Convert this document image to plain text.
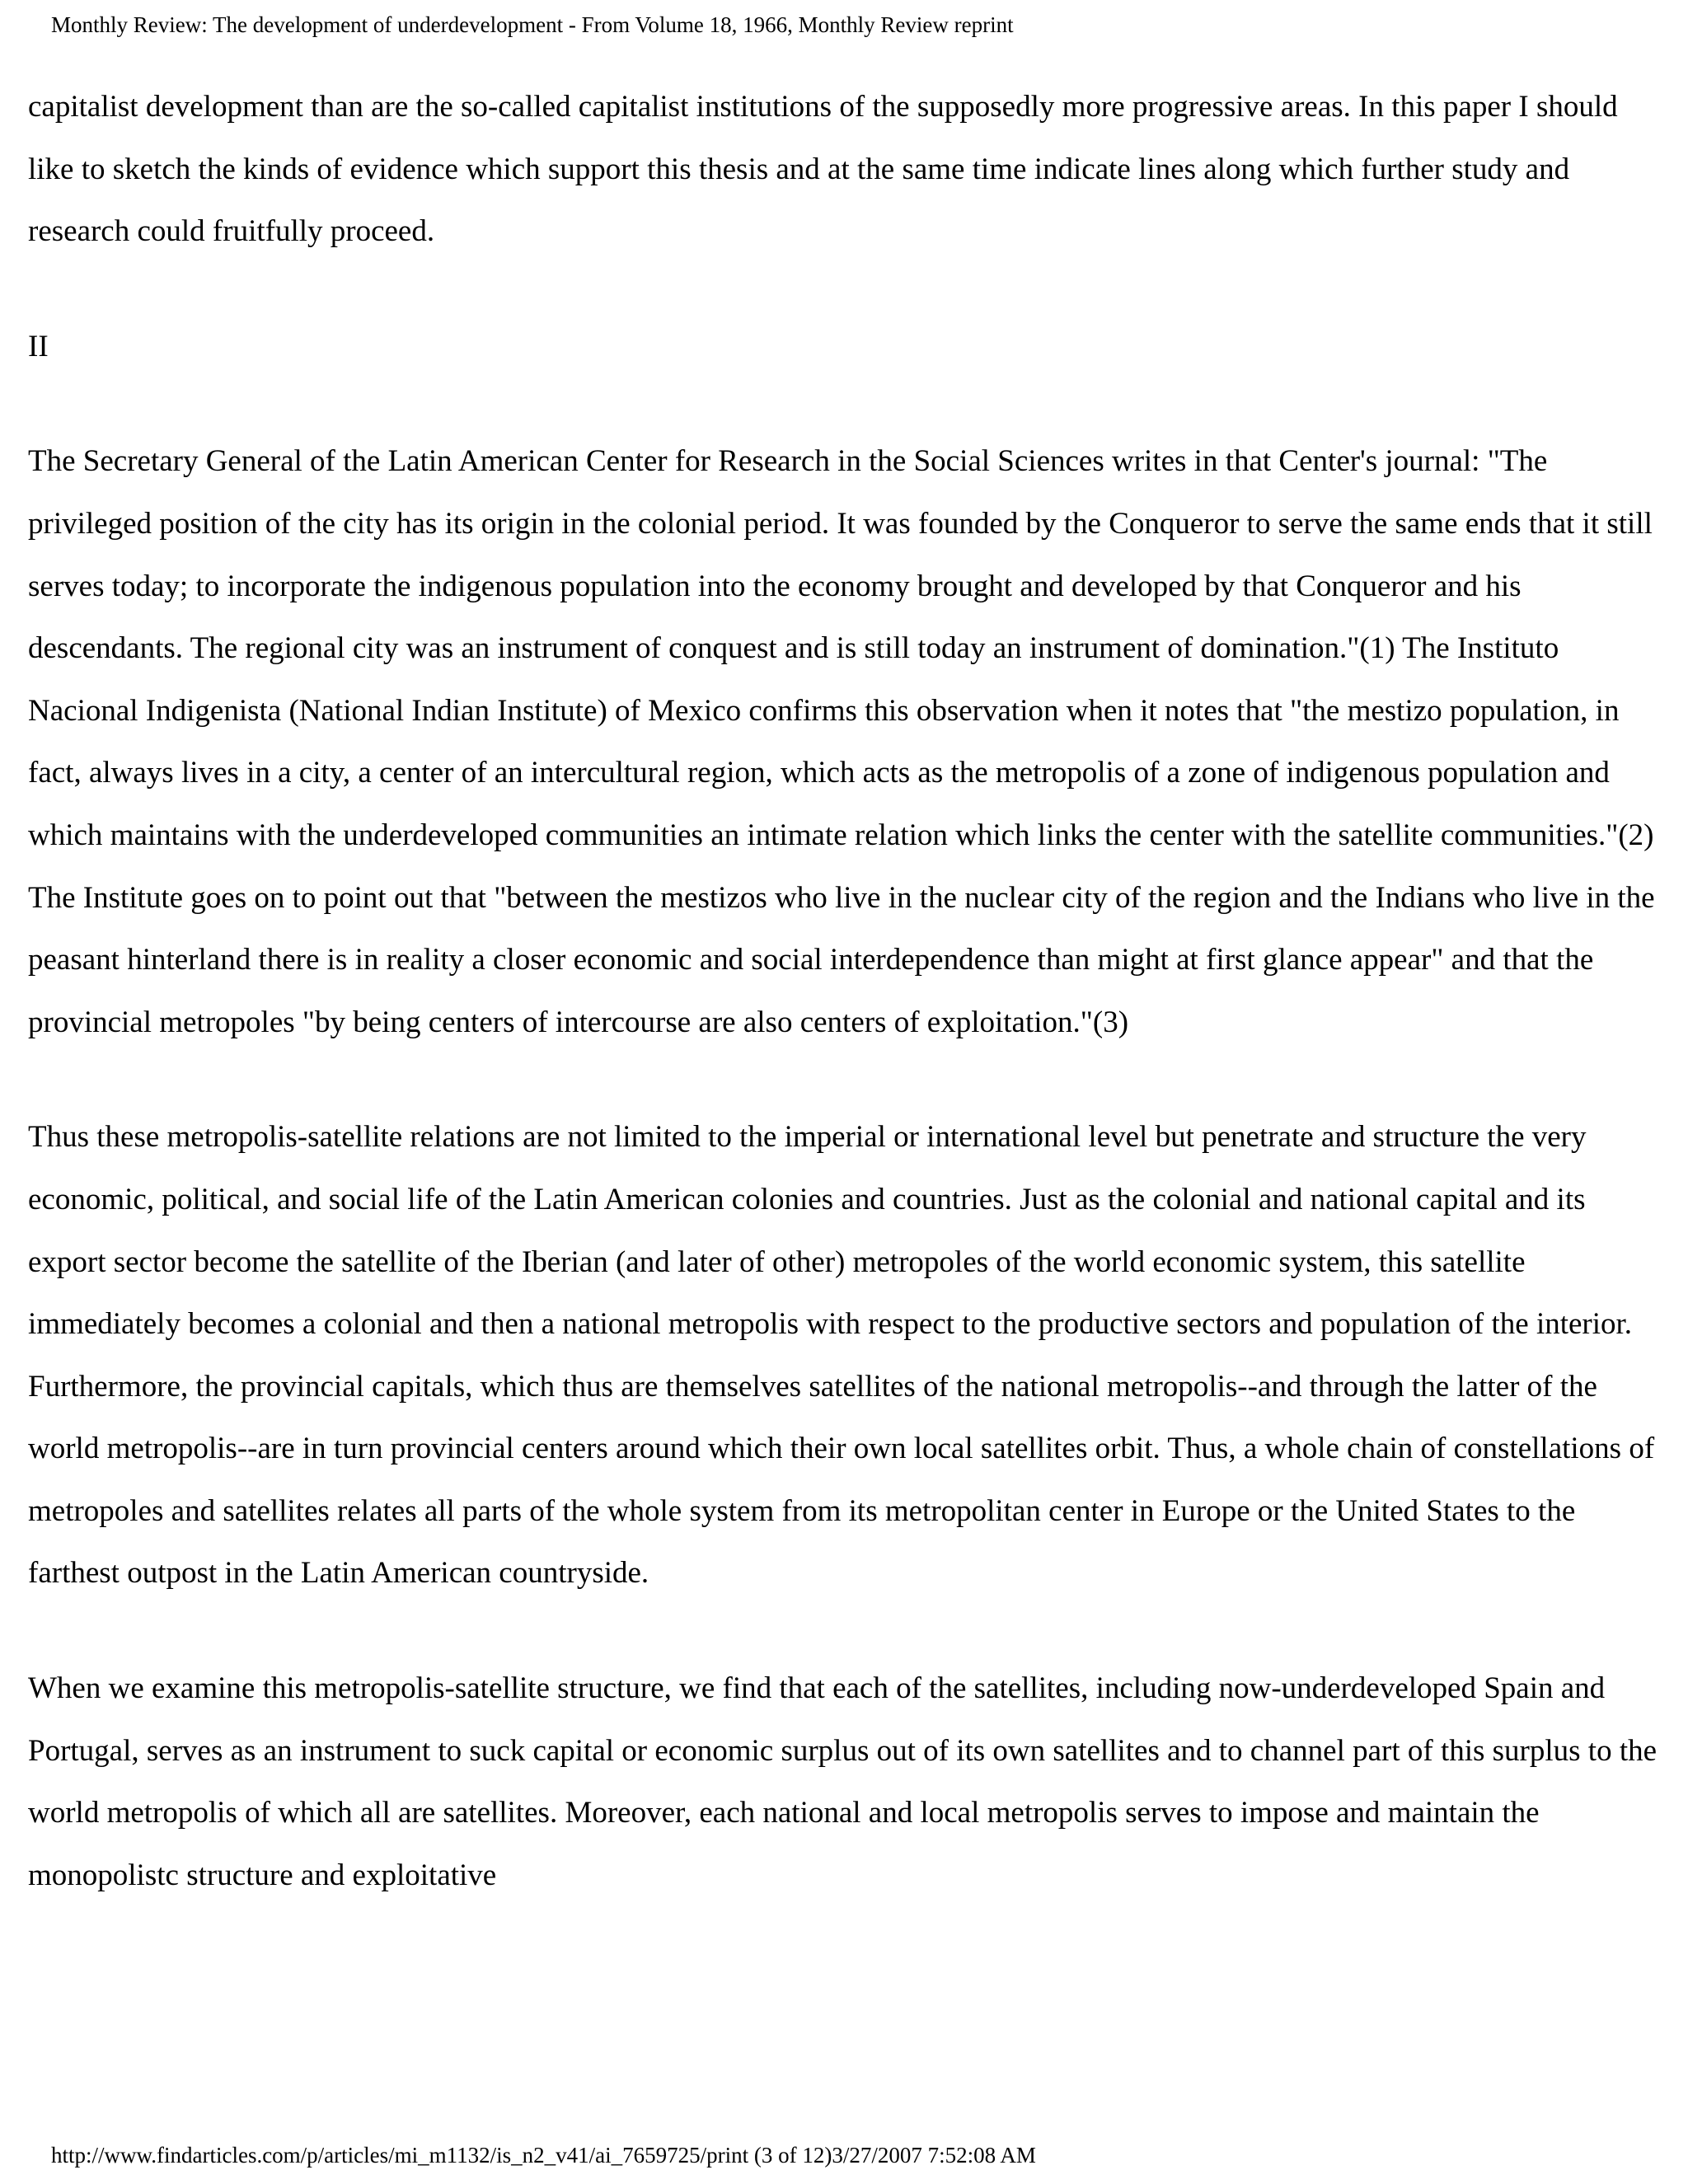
Monthly Review: The development of underdevelopment - From Volume 18, 1966, Monthly Review reprint

capitalist development than are the so-called capitalist institutions of the supposedly more progressive areas. In this paper I should like to sketch the kinds of evidence which support this thesis and at the same time indicate lines along which further study and research could fruitfully proceed.

II

The Secretary General of the Latin American Center for Research in the Social Sciences writes in that Center's journal: "The privileged position of the city has its origin in the colonial period. It was founded by the Conqueror to serve the same ends that it still serves today; to incorporate the indigenous population into the economy brought and developed by that Conqueror and his descendants. The regional city was an instrument of conquest and is still today an instrument of domination."(1) The Instituto Nacional Indigenista (National Indian Institute) of Mexico confirms this observation when it notes that "the mestizo population, in fact, always lives in a city, a center of an intercultural region, which acts as the metropolis of a zone of indigenous population and which maintains with the underdeveloped communities an intimate relation which links the center with the satellite communities."(2) The Institute goes on to point out that "between the mestizos who live in the nuclear city of the region and the Indians who live in the peasant hinterland there is in reality a closer economic and social interdependence than might at first glance appear" and that the provincial metropoles "by being centers of intercourse are also centers of exploitation."(3)

Thus these metropolis-satellite relations are not limited to the imperial or international level but penetrate and structure the very economic, political, and social life of the Latin American colonies and countries. Just as the colonial and national capital and its export sector become the satellite of the Iberian (and later of other) metropoles of the world economic system, this satellite immediately becomes a colonial and then a national metropolis with respect to the productive sectors and population of the interior. Furthermore, the provincial capitals, which thus are themselves satellites of the national metropolis--and through the latter of the world metropolis--are in turn provincial centers around which their own local satellites orbit. Thus, a whole chain of constellations of metropoles and satellites relates all parts of the whole system from its metropolitan center in Europe or the United States to the farthest outpost in the Latin American countryside.

When we examine this metropolis-satellite structure, we find that each of the satellites, including now-underdeveloped Spain and Portugal, serves as an instrument to suck capital or economic surplus out of its own satellites and to channel part of this surplus to the world metropolis of which all are satellites. Moreover, each national and local metropolis serves to impose and maintain the monopolistc structure and exploitative

http://www.findarticles.com/p/articles/mi_m1132/is_n2_v41/ai_7659725/print (3 of 12)3/27/2007 7:52:08 AM
